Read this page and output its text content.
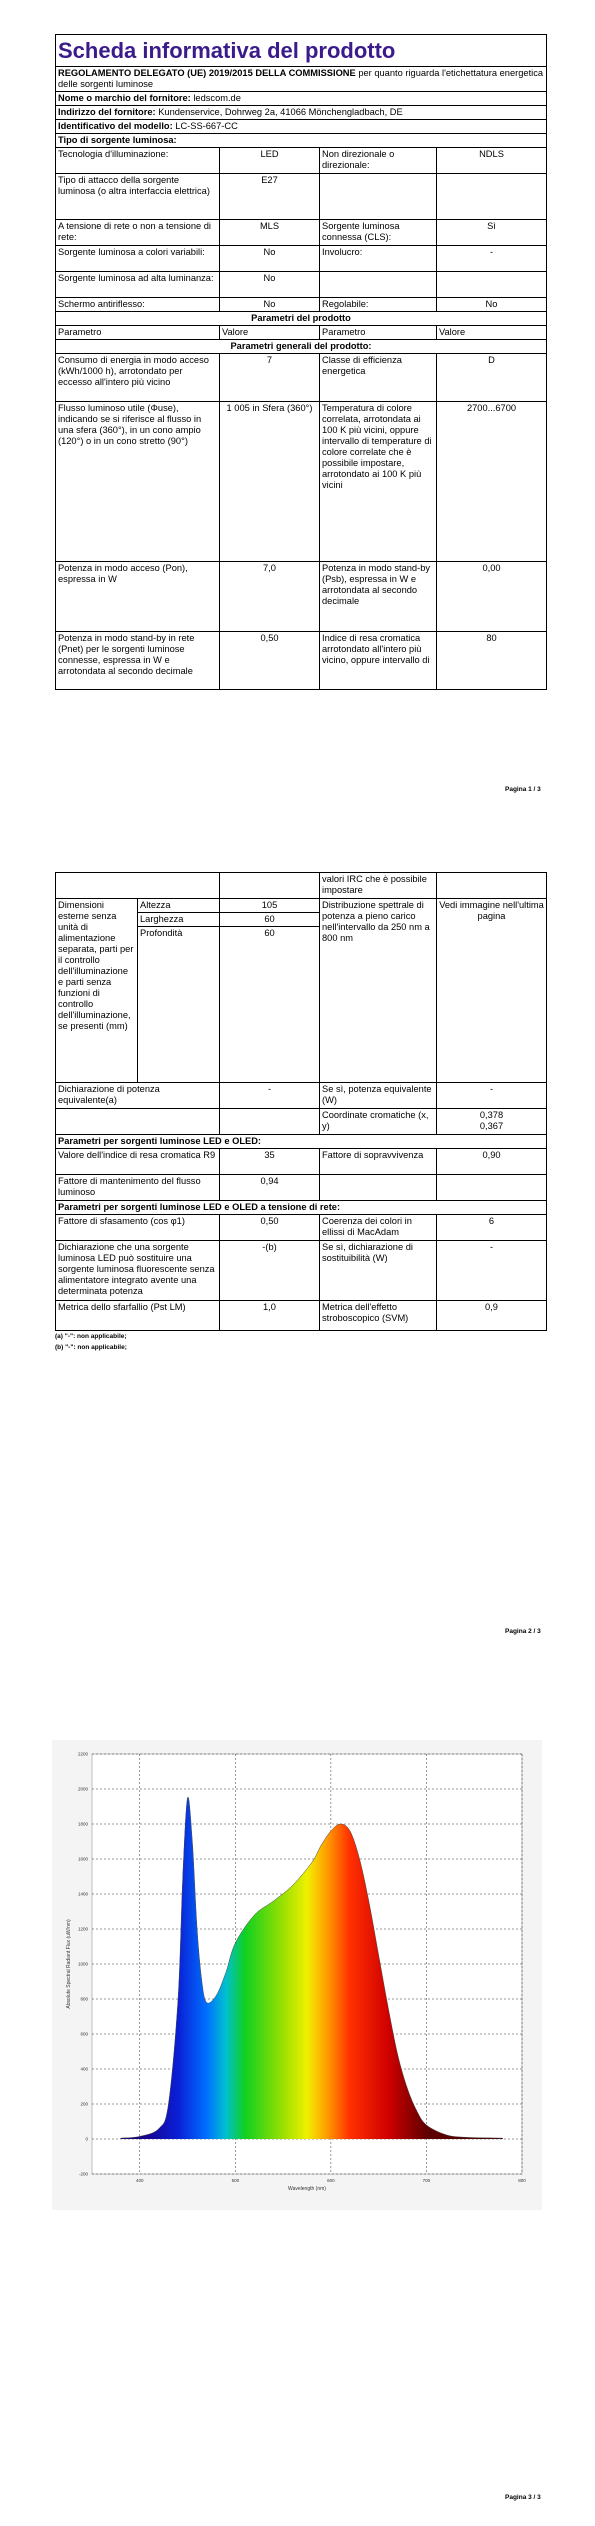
Scheda informativa del prodotto			
REGOLAMENTO DELEGATO (UE) 2019/2015 DELLA COMMISSIONE per quanto riguarda l'etichettatura energetica delle sorgenti luminose			
Nome o marchio del fornitore: ledscom.de			
Indirizzo del fornitore: Kundenservice, Dohrweg 2a, 41066 Mönchengladbach, DE			
Identificativo del modello: LC-SS-667-CC			
Tipo di sorgente luminosa:			
Tecnologia d'illuminazione:	LED	Non direzionale o direzionale:	NDLS
Tipo di attacco della sorgente luminosa (o altra interfaccia elettrica)	E27		
A tensione di rete o non a tensione di rete:	MLS	Sorgente luminosa connessa (CLS):	Sì
Sorgente luminosa a colori variabili:	No	Involucro:	-
Sorgente luminosa ad alta luminanza:	No		
Schermo antiriflesso:	No	Regolabile:	No
Parametri del prodotto			
Parametro	Valore	Parametro	Valore
Parametri generali del prodotto:			
Consumo di energia in modo acceso (kWh/1000 h), arrotondato per eccesso all'intero più vicino	7	Classe di efficienza energetica	D
Flusso luminoso utile (Φuse), indicando se si riferisce al flusso in una sfera (360°), in un cono ampio (120°) o in un cono stretto (90°)	1 005 in Sfera (360°)	Temperatura di colore correlata, arrotondata ai 100 K più vicini, oppure intervallo di temperature di colore correlate che è possibile impostare, arrotondato ai 100 K più vicini	2700...6700
Potenza in modo acceso (Pon), espressa in W	7,0	Potenza in modo stand-by (Psb), espressa in W e arrotondata al secondo decimale	0,00
Potenza in modo stand-by in rete (Pnet) per le sorgenti luminose connesse, espressa in W e arrotondata al secondo decimale	0,50	Indice di resa cromatica arrotondato all'intero più vicino, oppure intervallo di	80
Pagina 1 / 3
			valori IRC che è possibile impostare	
Dimensioni esterne senza unità di alimentazione separata, parti per il controllo dell'illuminazione e parti senza funzioni di controllo dell'illuminazione, se presenti (mm)	Altezza	105	Distribuzione spettrale di potenza a pieno carico nell'intervallo da 250 nm a 800 nm	Vedi immagine nell'ultima pagina
	Larghezza	60		
	Profondità	60		
Dichiarazione di potenza equivalente(a)		-	Se sì, potenza equivalente (W)	-
			Coordinate cromatiche (x, y)	0,378
0,367

Parametri per sorgenti luminose LED e OLED:				
Valore dell'indice di resa cromatica R9		35	Fattore di sopravvivenza	0,90
Fattore di mantenimento del flusso luminoso		0,94		
Parametri per sorgenti luminose LED e OLED a tensione di rete:				
Fattore di sfasamento (cos φ1)		0,50	Coerenza dei colori in ellissi di MacAdam	6
Dichiarazione che una sorgente luminosa LED può sostituire una sorgente luminosa fluorescente senza alimentatore integrato avente una determinata potenza		-(b)	Se sì, dichiarazione di sostituibilità (W)	-
Metrica dello sfarfallio (Pst LM)		1,0	Metrica dell'effetto stroboscopico (SVM)	0,9
(a) "-": non applicabile;
(b) "-": non applicabile;
Pagina 2 / 3
400	500	600	700	800
-200
0
200
400
600
800
1000
1200
1400
1600
1800
2000
2200
Wavelength (nm)
Absolute Spectral Radiant Flux (uW/nm)
Pagina 3 / 3
